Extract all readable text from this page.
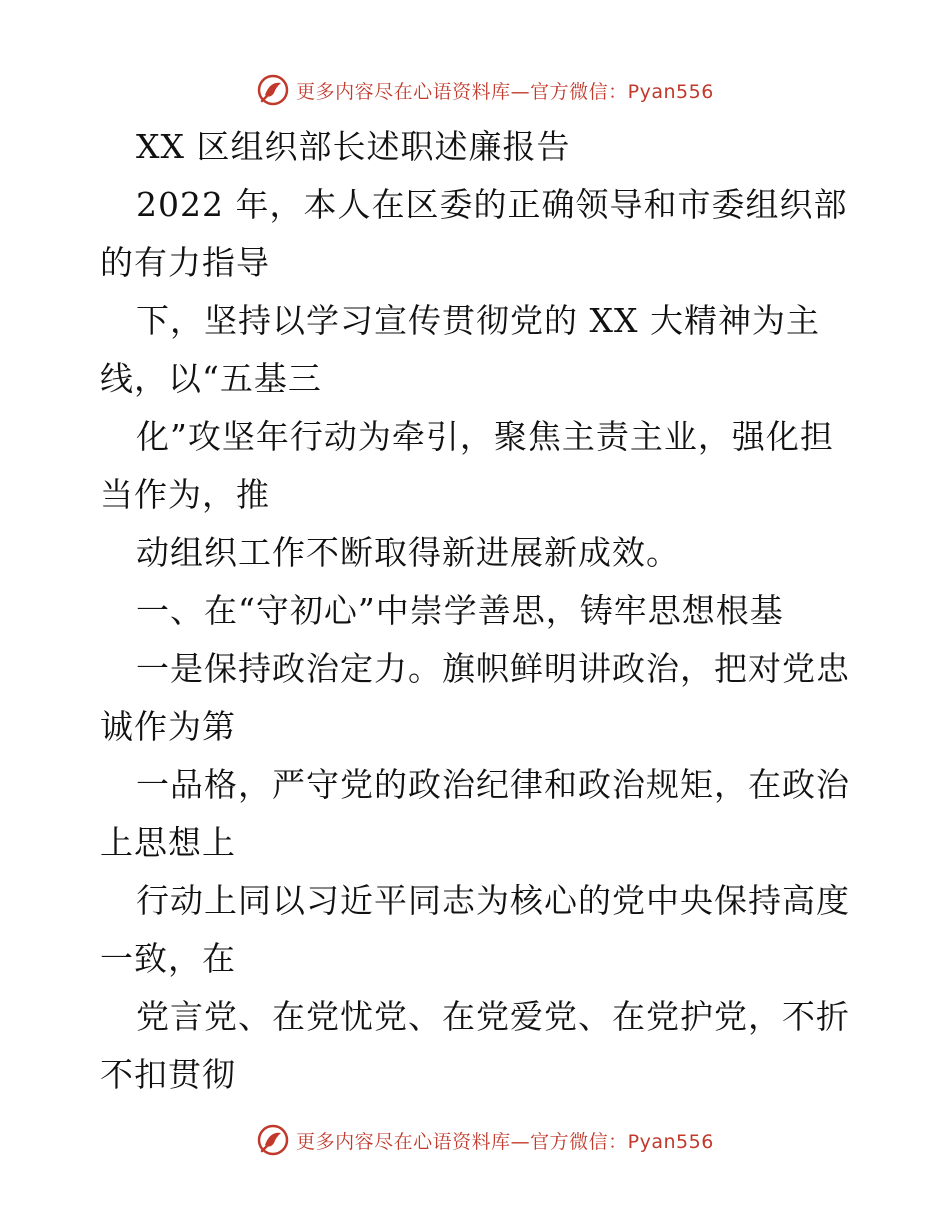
更多内容尽在心语资料库—官方微信：Pyan556
XX 区组织部长述职述廉报告
2022 年，本人在区委的正确领导和市委组织部
的有力指导
下，坚持以学习宣传贯彻党的 XX 大精神为主
线，以“五基三
化”攻坚年行动为牵引，聚焦主责主业，强化担
当作为，推
动组织工作不断取得新进展新成效。
一、在“守初心”中崇学善思，铸牢思想根基
一是保持政治定力。旗帜鲜明讲政治，把对党忠
诚作为第
一品格，严守党的政治纪律和政治规矩，在政治
上思想上
行动上同以习近平同志为核心的党中央保持高度
一致，在
党言党、在党忧党、在党爱党、在党护党，不折
不扣贯彻
更多内容尽在心语资料库—官方微信：Pyan556
